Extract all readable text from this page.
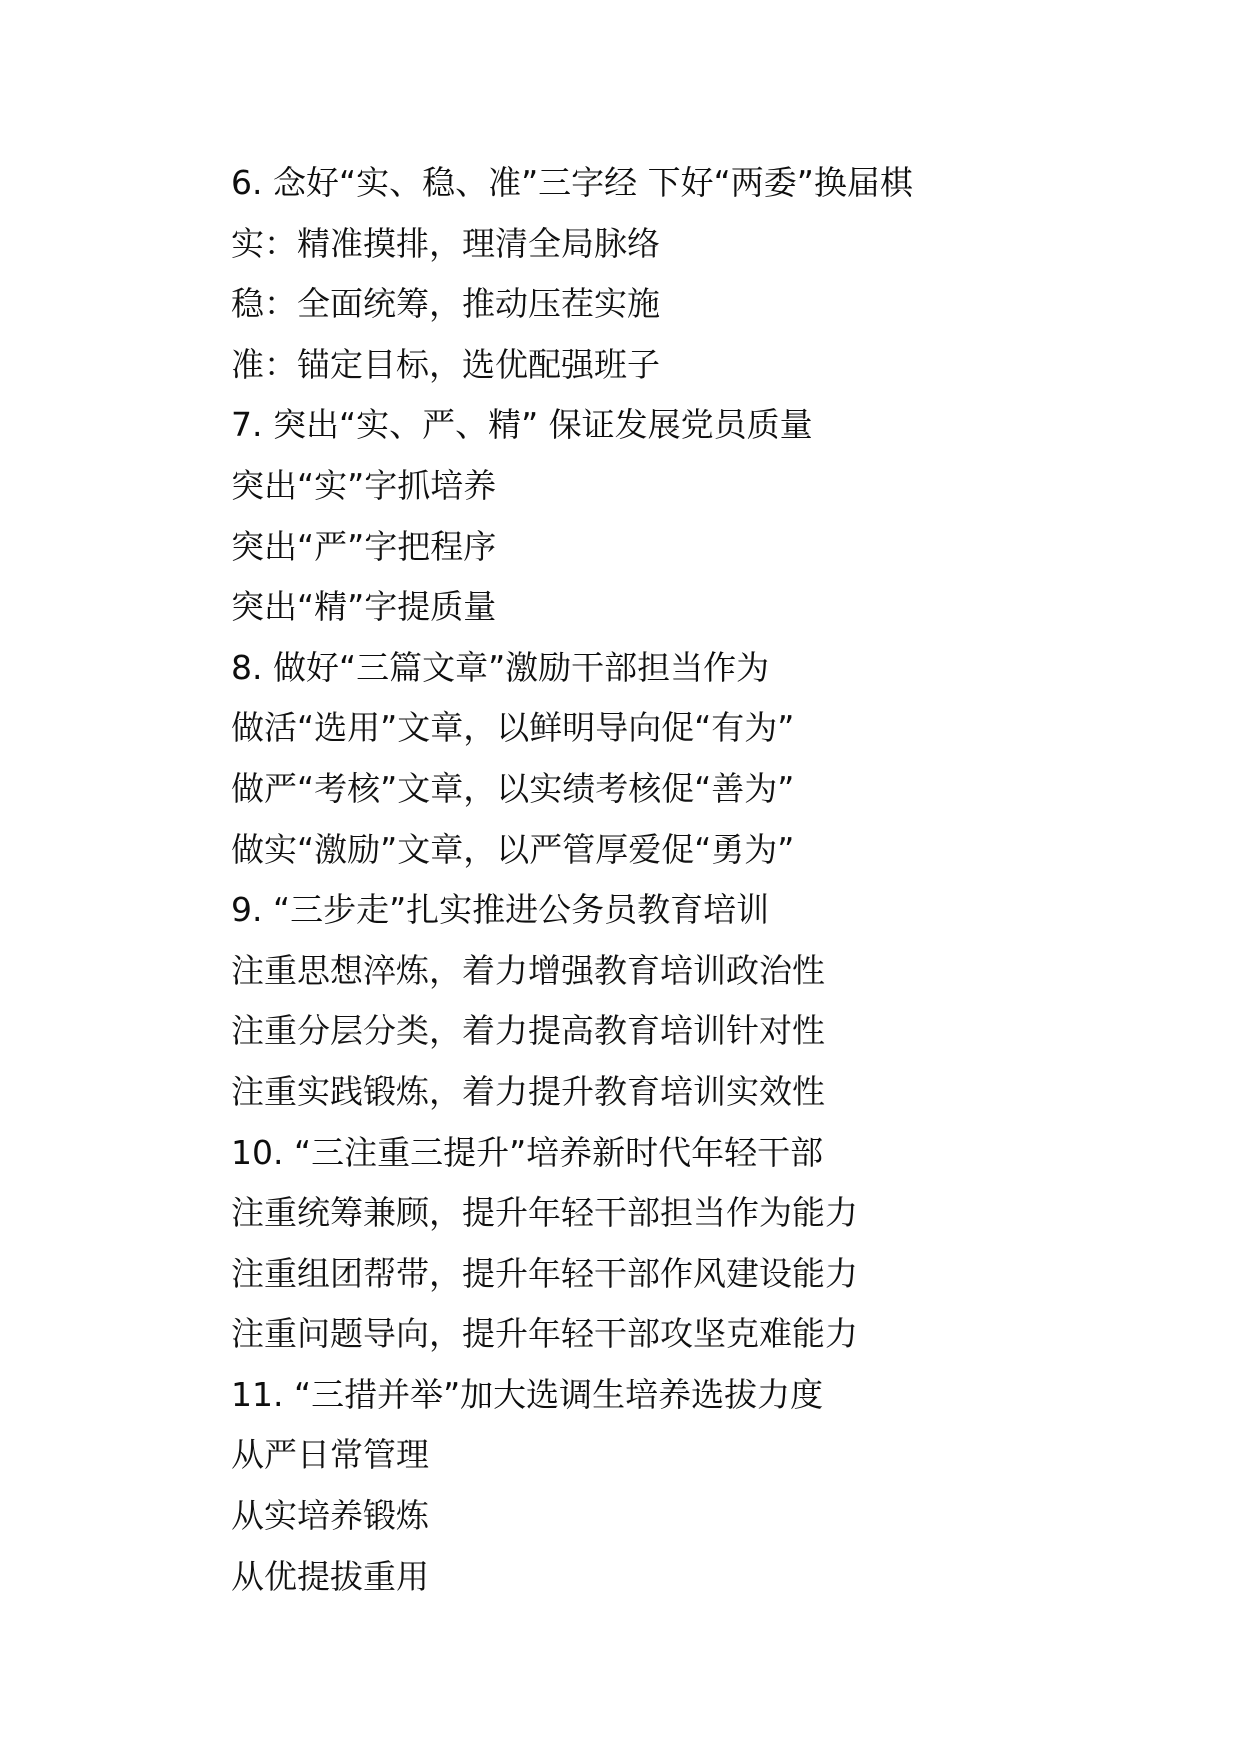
6. 念好“实、稳、准”三字经 下好“两委”换届棋
实：精准摸排，理清全局脉络
稳：全面统筹，推动压茬实施
准：锚定目标，选优配强班子
7. 突出“实、严、精” 保证发展党员质量
突出“实”字抓培养
突出“严”字把程序
突出“精”字提质量
8. 做好“三篇文章”激励干部担当作为
做活“选用”文章，以鲜明导向促“有为”
做严“考核”文章，以实绩考核促“善为”
做实“激励”文章，以严管厚爱促“勇为”
9. “三步走”扎实推进公务员教育培训
注重思想淬炼，着力增强教育培训政治性
注重分层分类，着力提高教育培训针对性
注重实践锻炼，着力提升教育培训实效性
10. “三注重三提升”培养新时代年轻干部
注重统筹兼顾，提升年轻干部担当作为能力
注重组团帮带，提升年轻干部作风建设能力
注重问题导向，提升年轻干部攻坚克难能力
11. “三措并举”加大选调生培养选拔力度
从严日常管理
从实培养锻炼
从优提拔重用
